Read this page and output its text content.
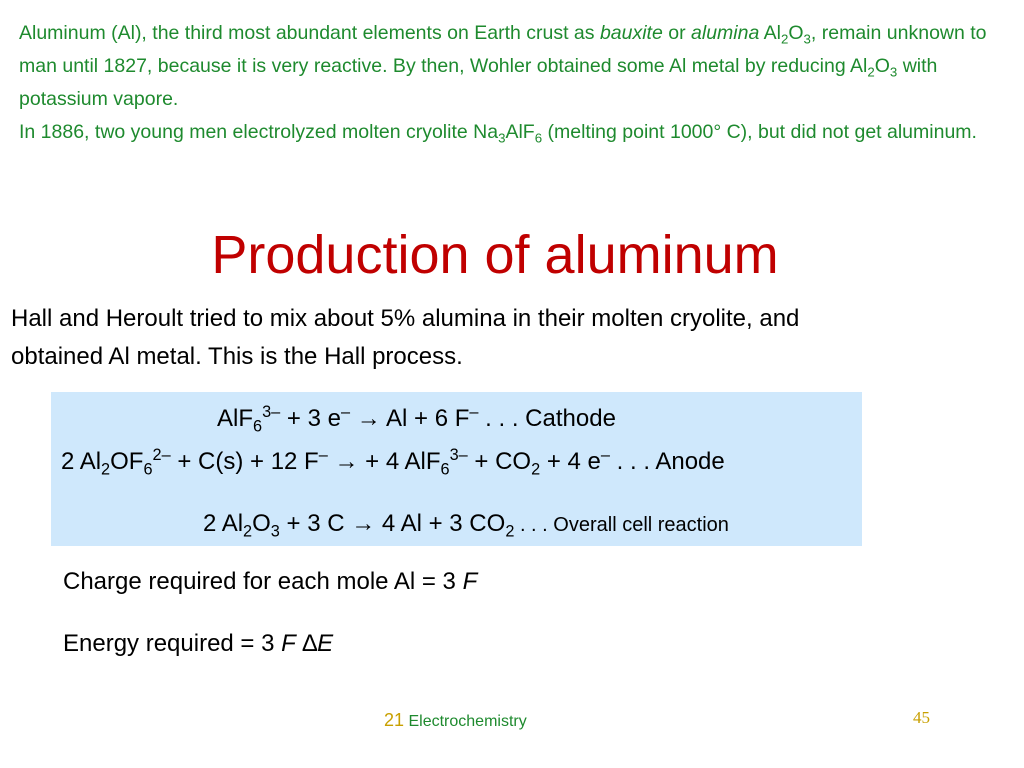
Aluminum (Al), the third most abundant elements on Earth crust as bauxite or alumina $Al_2O_3$, remain unknown to man until 1827, because it is very reactive. By then, Wohler obtained some Al metal by reducing $Al_2O_3$ with potassium vapore.

In 1886, two young men electrolyzed molten cryolite $Na_3AlF_6$ (melting point 1000° C), but did not get aluminum.

Production of aluminum

Hall and Heroult tried to mix about 5% alumina in their molten cryolite, and

obtained Al metal. This is the Hall process.

AlF$_6^{3-}$ + 3 e– → Al + 6 F– . . . Cathode
2 $Al_2OF_6^{2-} + C(s) + 12$ F– → + 4 $AlF_6^{3-} + CO_2 + 4$ e– . . . Anode
2 $Al_2O_3 + 3$ C → 4 Al + 3 $CO_2$ . . . Overall cell reaction
Charge required for each mole Al = 3 F
Energy required = 3 F ∆E
21 Electrochemistry	45
